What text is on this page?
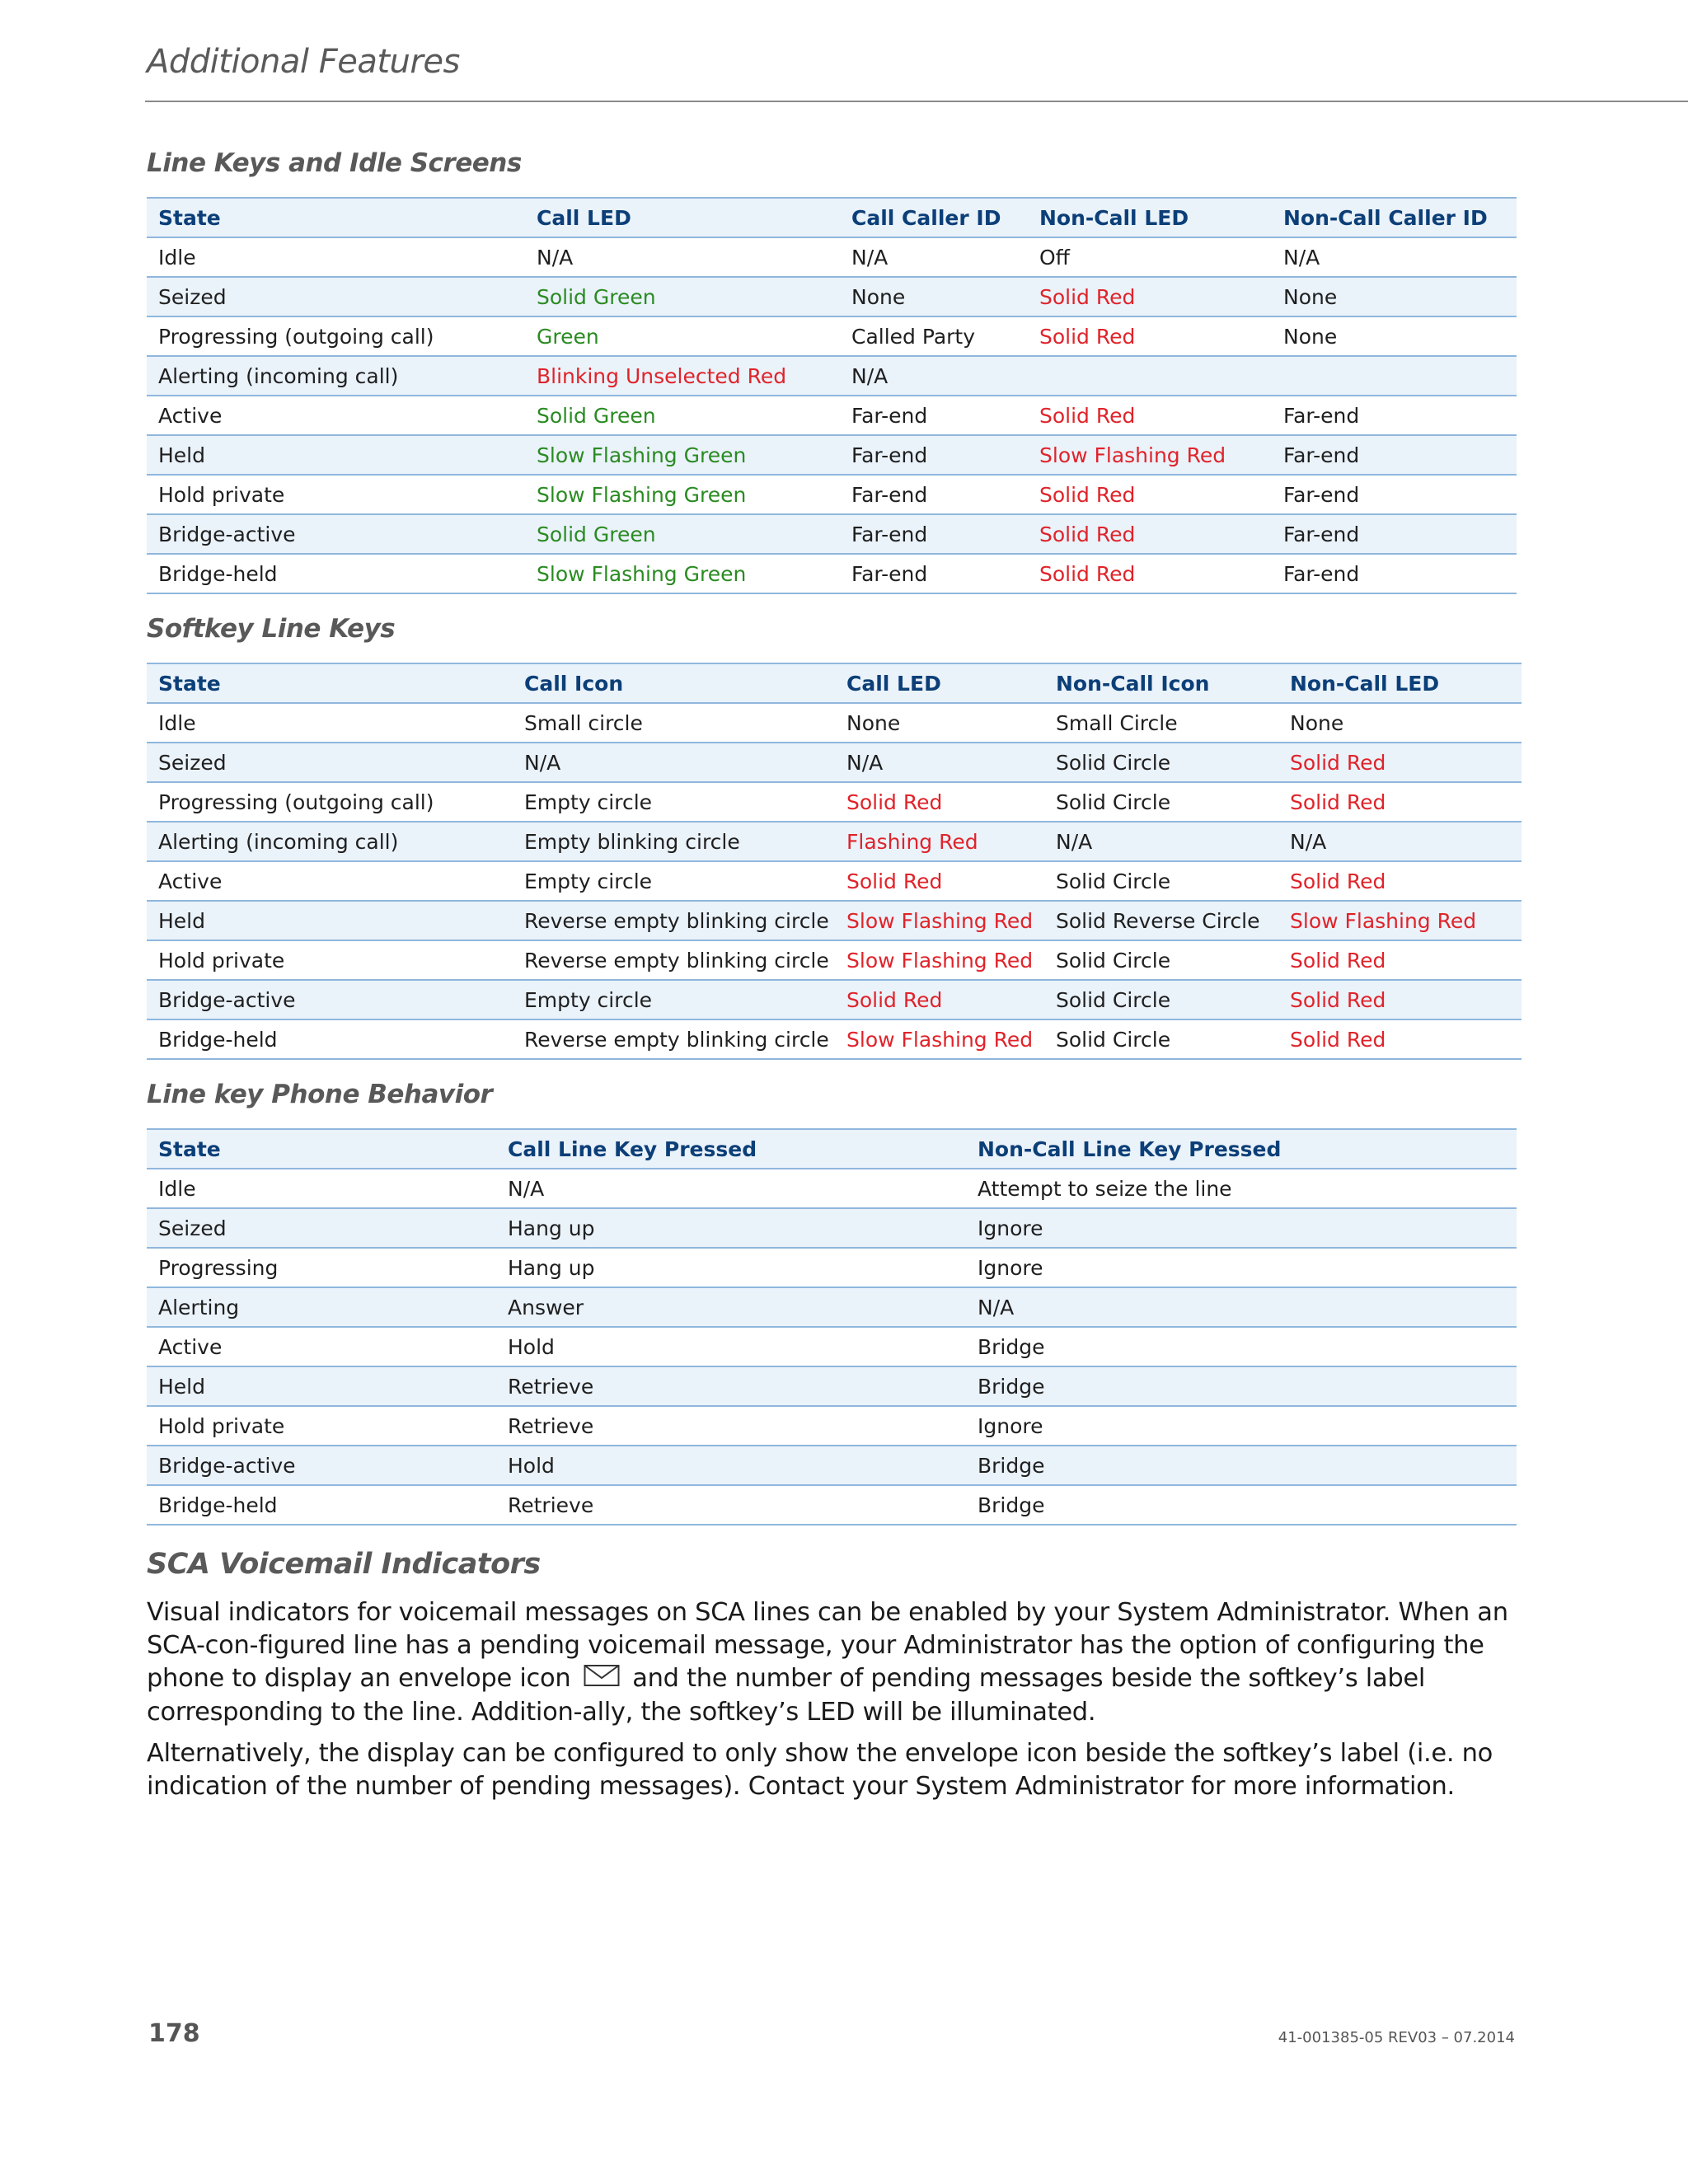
Additional Features
Line Keys and Idle Screens
State	Call LED	Call Caller ID	Non-Call LED	Non-Call Caller ID
Idle	N/A	N/A	Off	N/A
Seized	Solid Green	None	Solid Red	None
Progressing (outgoing call)	Green	Called Party	Solid Red	None
Alerting (incoming call)	Blinking Unselected Red	N/A		
Active	Solid Green	Far-end	Solid Red	Far-end
Held	Slow Flashing Green	Far-end	Slow Flashing Red	Far-end
Hold private	Slow Flashing Green	Far-end	Solid Red	Far-end
Bridge-active	Solid Green	Far-end	Solid Red	Far-end
Bridge-held	Slow Flashing Green	Far-end	Solid Red	Far-end
Softkey Line Keys
State	Call Icon	Call LED	Non-Call Icon	Non-Call LED
Idle	Small circle	None	Small Circle	None
Seized	N/A	N/A	Solid Circle	Solid Red
Progressing (outgoing call)	Empty circle	Solid Red	Solid Circle	Solid Red
Alerting (incoming call)	Empty blinking circle	Flashing Red	N/A	N/A
Active	Empty circle	Solid Red	Solid Circle	Solid Red
Held	Reverse empty blinking circle	Slow Flashing Red	Solid Reverse Circle	Slow Flashing Red
Hold private	Reverse empty blinking circle	Slow Flashing Red	Solid Circle	Solid Red
Bridge-active	Empty circle	Solid Red	Solid Circle	Solid Red
Bridge-held	Reverse empty blinking circle	Slow Flashing Red	Solid Circle	Solid Red
Line key Phone Behavior
State	Call Line Key Pressed	Non-Call Line Key Pressed
Idle	N/A	Attempt to seize the line
Seized	Hang up	Ignore
Progressing	Hang up	Ignore
Alerting	Answer	N/A
Active	Hold	Bridge
Held	Retrieve	Bridge
Hold private	Retrieve	Ignore
Bridge-active	Hold	Bridge
Bridge-held	Retrieve	Bridge
SCA Voicemail Indicators
Visual indicators for voicemail messages on SCA lines can be enabled by your System Administrator. When an SCA-con-figured line has a pending voicemail message, your Administrator has the option of configuring the phone to display an envelope icon and the number of pending messages beside the softkey’s label corresponding to the line. Addition-ally, the softkey’s LED will be illuminated.
Alternatively, the display can be configured to only show the envelope icon beside the softkey’s label (i.e. no indication of the number of pending messages). Contact your System Administrator for more information.
178	41-001385-05 REV03 – 07.2014
